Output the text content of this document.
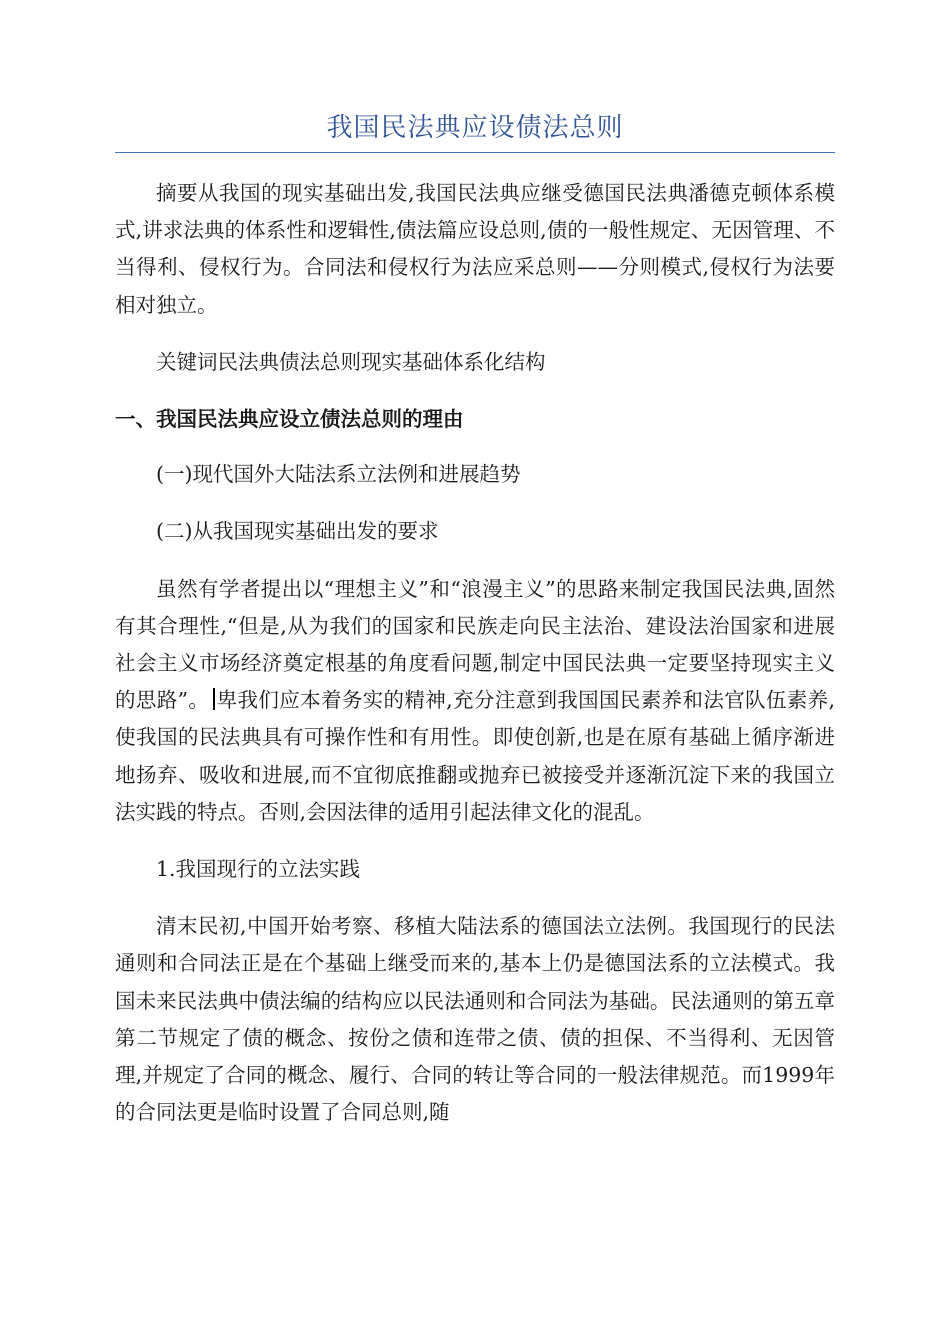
我国民法典应设债法总则

摘要从我国的现实基础出发,我国民法典应继受德国民法典潘德克顿体系模式,讲求法典的体系性和逻辑性,债法篇应设总则,债的一般性规定、无因管理、不当得利、侵权行为。合同法和侵权行为法应采总则——分则模式,侵权行为法要相对独立。

关键词民法典债法总则现实基础体系化结构

一、我国民法典应设立债法总则的理由

(一)现代国外大陆法系立法例和进展趋势

(二)从我国现实基础出发的要求

虽然有学者提出以“理想主义”和“浪漫主义”的思路来制定我国民法典,固然有其合理性,“但是,从为我们的国家和民族走向民主法治、建设法治国家和进展社会主义市场经济奠定根基的角度看问题,制定中国民法典一定要坚持现实主义的思路”。 卑我们应本着务实的精神,充分注意到我国国民素养和法官队伍素养,使我国的民法典具有可操作性和有用性。即使创新,也是在原有基础上循序渐进地扬弃、吸收和进展,而不宜彻底推翻或抛弃已被接受并逐渐沉淀下来的我国立法实践的特点。否则,会因法律的适用引起法律文化的混乱。

1.我国现行的立法实践

清末民初,中国开始考察、移植大陆法系的德国法立法例。我国现行的民法通则和合同法正是在个基础上继受而来的,基本上仍是德国法系的立法模式。我国未来民法典中债法编的结构应以民法通则和合同法为基础。民法通则的第五章第二节规定了债的概念、按份之债和连带之债、债的担保、不当得利、无因管理,并规定了合同的概念、履行、合同的转让等合同的一般法律规范。而1999年的合同法更是临时设置了合同总则,随
